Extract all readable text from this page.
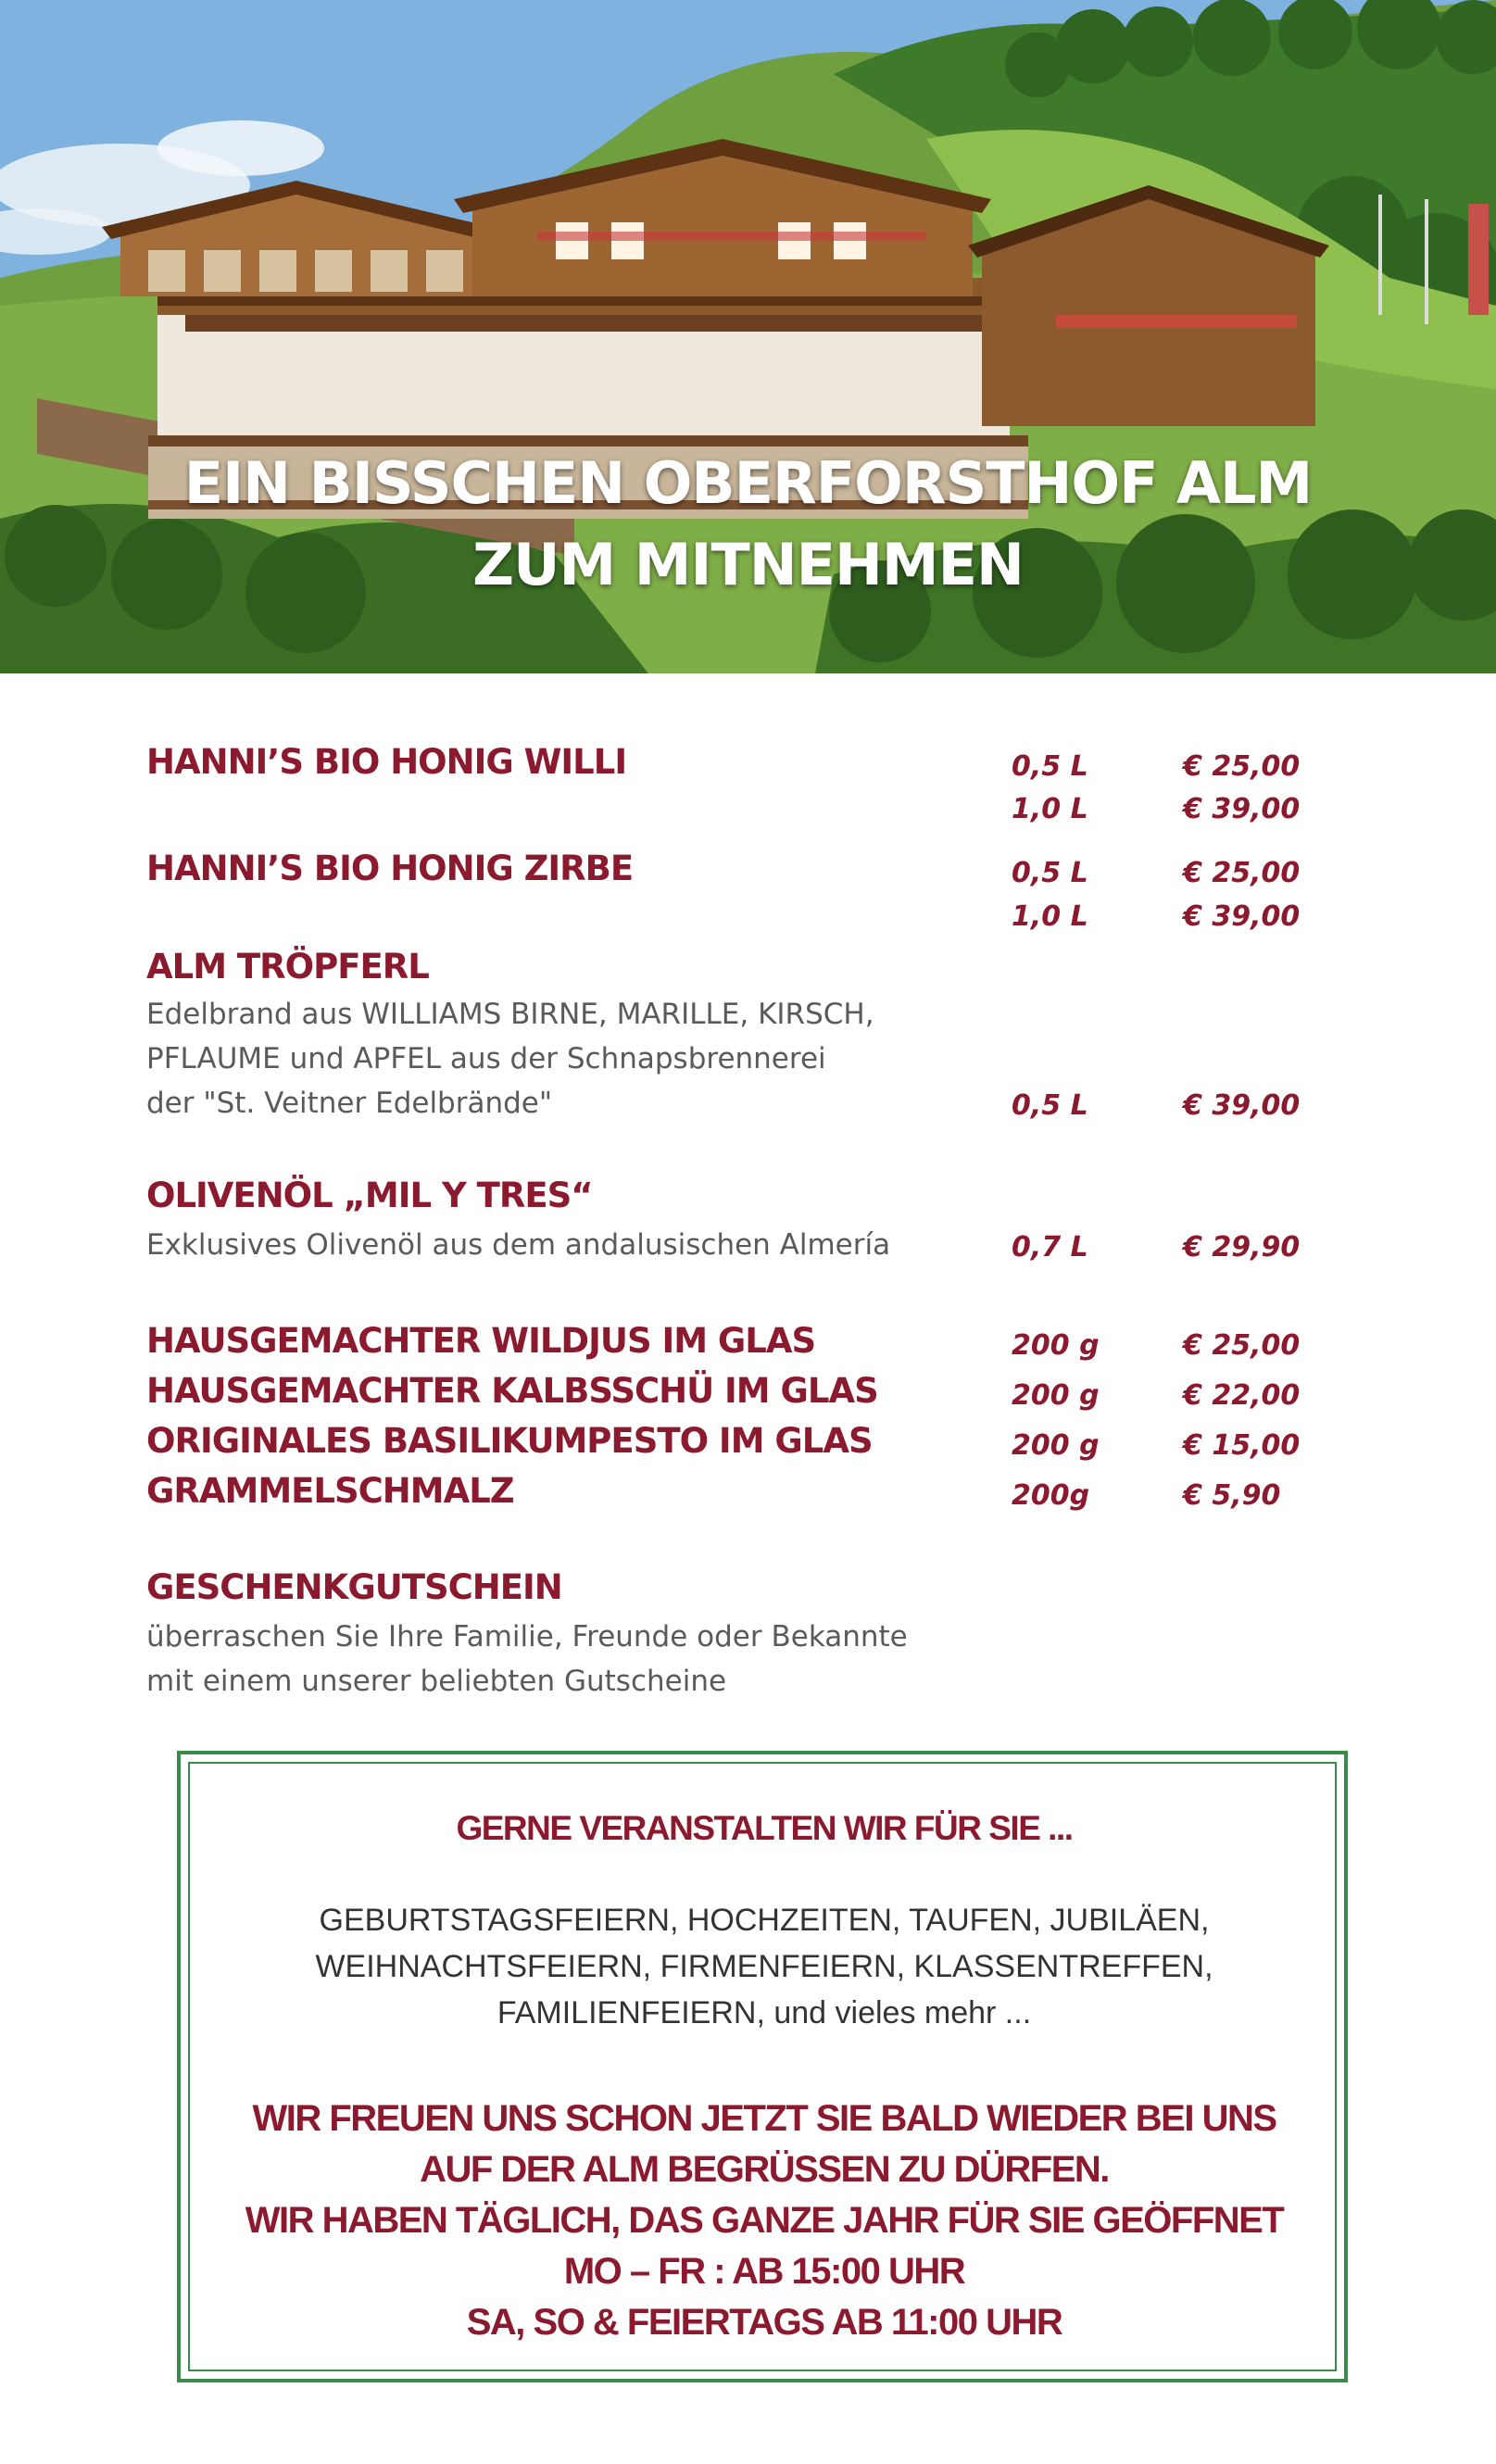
EIN BISSCHEN OBERFORSTHOF ALM
ZUM MITNEHMEN
HANNI’S BIO HONIG WILLI	0,5 L	€ 25,00
1,0 L	€ 39,00
HANNI’S BIO HONIG ZIRBE	0,5 L	€ 25,00
1,0 L	€ 39,00
ALM TRÖPFERL
Edelbrand aus WILLIAMS BIRNE, MARILLE, KIRSCH,
PFLAUME und APFEL aus der Schnapsbrennerei
der "St. Veitner Edelbrände"	0,5 L	€ 39,00
OLIVENÖL „MIL Y TRES“
Exklusives Olivenöl aus dem andalusischen Almería	0,7 L	€ 29,90
HAUSGEMACHTER WILDJUS IM GLAS	200 g	€ 25,00
HAUSGEMACHTER KALBSSCHÜ IM GLAS	200 g	€ 22,00
ORIGINALES BASILIKUMPESTO IM GLAS	200 g	€ 15,00
GRAMMELSCHMALZ	200g	€ 5,90
GESCHENKGUTSCHEIN
überraschen Sie Ihre Familie, Freunde oder Bekannte
mit einem unserer beliebten Gutscheine
GERNE VERANSTALTEN WIR FÜR SIE ...
GEBURTSTAGSFEIERN, HOCHZEITEN, TAUFEN, JUBILÄEN,
WEIHNACHTSFEIERN, FIRMENFEIERN, KLASSENTREFFEN,
FAMILIENFEIERN, und vieles mehr ...
WIR FREUEN UNS SCHON JETZT SIE BALD WIEDER BEI UNS
AUF DER ALM BEGRÜSSEN ZU DÜRFEN.
WIR HABEN TÄGLICH, DAS GANZE JAHR FÜR SIE GEÖFFNET
MO – FR : AB 15:00 UHR
SA, SO & FEIERTAGS AB 11:00 UHR
